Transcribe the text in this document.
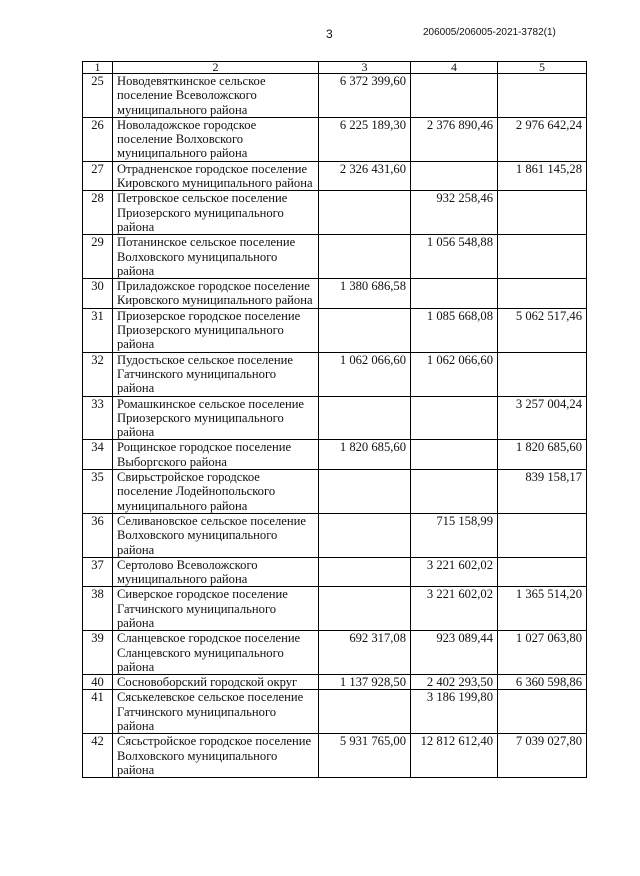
3	206005/206005-2021-3782(1)
1	2	3	4	5
25	Новодевяткинское сельское поселение Всеволожского муниципального района	6 372 399,60		
26	Новоладожское городское поселение Волховского муниципального района	6 225 189,30	2 376 890,46	2 976 642,24
27	Отрадненское городское поселение Кировского муниципального района	2 326 431,60		1 861 145,28
28	Петровское сельское поселение Приозерского муниципального района		932 258,46	
29	Потанинское сельское поселение Волховского муниципального района		1 056 548,88	
30	Приладожское городское поселение Кировского муниципального района	1 380 686,58		
31	Приозерское городское поселение Приозерского муниципального района		1 085 668,08	5 062 517,46
32	Пудостьское сельское поселение Гатчинского муниципального района	1 062 066,60	1 062 066,60	
33	Ромашкинское сельское поселение Приозерского муниципального района			3 257 004,24
34	Рощинское городское поселение Выборгского района	1 820 685,60		1 820 685,60
35	Свирьстройское городское поселение Лодейнопольского муниципального района			839 158,17
36	Селивановское сельское поселение Волховского муниципального района		715 158,99	
37	Сертолово Всеволожского муниципального района		3 221 602,02	
38	Сиверское городское поселение Гатчинского муниципального района		3 221 602,02	1 365 514,20
39	Сланцевское городское поселение Сланцевского муниципального района	692 317,08	923 089,44	1 027 063,80
40	Сосновоборский городской округ	1 137 928,50	2 402 293,50	6 360 598,86
41	Сяськелевское сельское поселение Гатчинского муниципального района		3 186 199,80	
42	Сясьстройское городское поселение Волховского муниципального района	5 931 765,00	12 812 612,40	7 039 027,80
